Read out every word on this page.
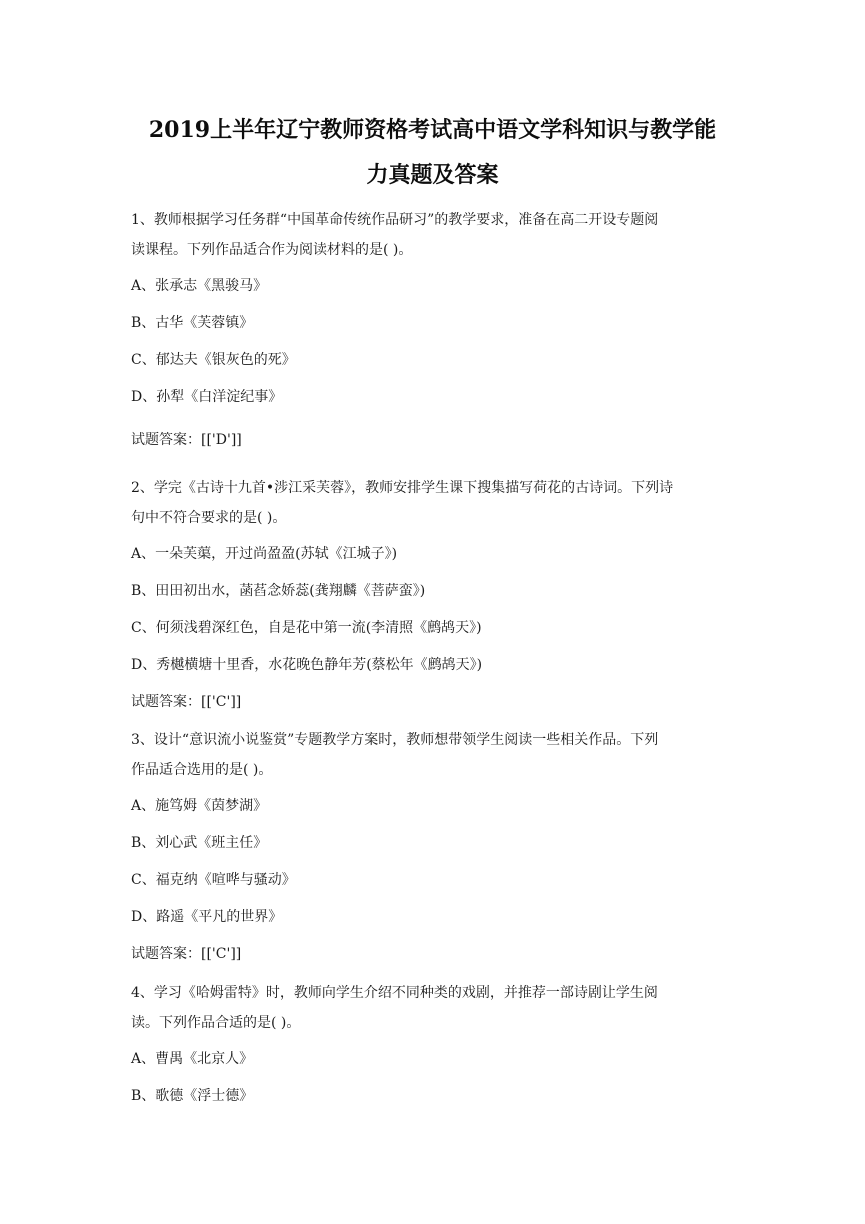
2019上半年辽宁教师资格考试高中语文学科知识与教学能
力真题及答案
1、教师根据学习任务群“中国革命传统作品研习”的教学要求，准备在高二开设专题阅
读课程。下列作品适合作为阅读材料的是( )。
A、张承志《黑骏马》
B、古华《芙蓉镇》
C、郁达夫《银灰色的死》
D、孙犁《白洋淀纪事》
试题答案：[['D']]
2、学完《古诗十九首•涉江采芙蓉》，教师安排学生课下搜集描写荷花的古诗词。下列诗
句中不符合要求的是( )。
A、一朵芙蕖，开过尚盈盈(苏轼《江城子》)
B、田田初出水，菡萏念娇蕊(龚翔麟《菩萨蛮》)
C、何须浅碧深红色，自是花中第一流(李清照《鹧鸪天》)
D、秀樾横塘十里香，水花晚色静年芳(蔡松年《鹧鸪天》)
试题答案：[['C']]
3、设计“意识流小说鉴赏”专题教学方案时，教师想带领学生阅读一些相关作品。下列
作品适合选用的是( )。
A、施笃姆《茵梦湖》
B、刘心武《班主任》
C、福克纳《喧哗与骚动》
D、路遥《平凡的世界》
试题答案：[['C']]
4、学习《哈姆雷特》时，教师向学生介绍不同种类的戏剧，并推荐一部诗剧让学生阅
读。下列作品合适的是( )。
A、曹禺《北京人》
B、歌德《浮士德》
